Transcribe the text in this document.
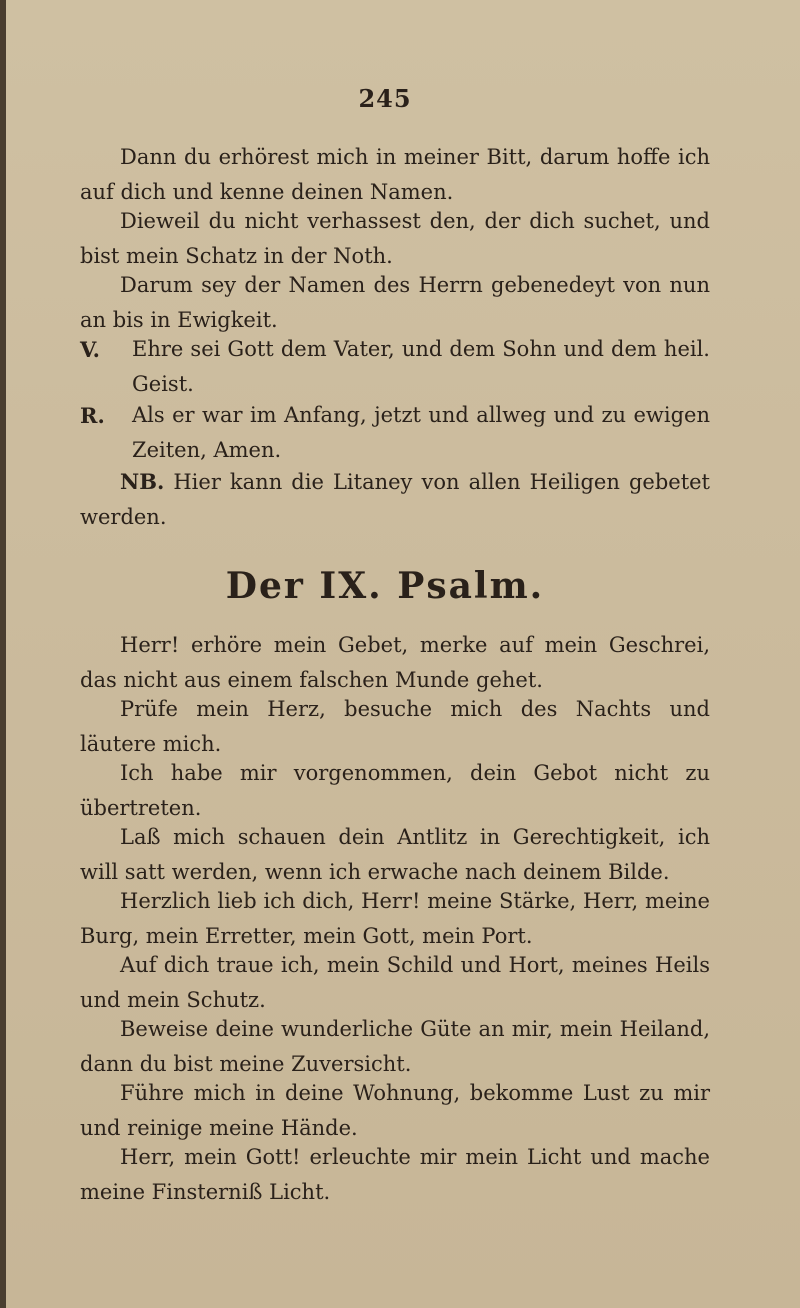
245

Dann du erhörest mich in meiner Bitt, darum hoffe ich auf dich und kenne deinen Namen.

Dieweil du nicht verhassest den, der dich suchet, und bist mein Schatz in der Noth.

Darum sey der Namen des Herrn gebenedeyt von nun an bis in Ewigkeit.

V. Ehre sei Gott dem Vater, und dem Sohn und dem heil. Geist.
R. Als er war im Anfang, jetzt und allweg und zu ewigen Zeiten, Amen.

NB. Hier kann die Litaney von allen Heiligen gebetet werden.

Der IX. Psalm.

Herr! erhöre mein Gebet, merke auf mein Geschrei, das nicht aus einem falschen Munde gehet.

Prüfe mein Herz, besuche mich des Nachts und läutere mich.

Ich habe mir vorgenommen, dein Gebot nicht zu übertreten.

Laß mich schauen dein Antlitz in Gerechtigkeit, ich will satt werden, wenn ich erwache nach deinem Bilde.

Herzlich lieb ich dich, Herr! meine Stärke, Herr, meine Burg, mein Erretter, mein Gott, mein Port.

Auf dich traue ich, mein Schild und Hort, meines Heils und mein Schutz.

Beweise deine wunderliche Güte an mir, mein Heiland, dann du bist meine Zuversicht.

Führe mich in deine Wohnung, bekomme Lust zu mir und reinige meine Hände.

Herr, mein Gott! erleuchte mir mein Licht und mache meine Finsterniß Licht.
